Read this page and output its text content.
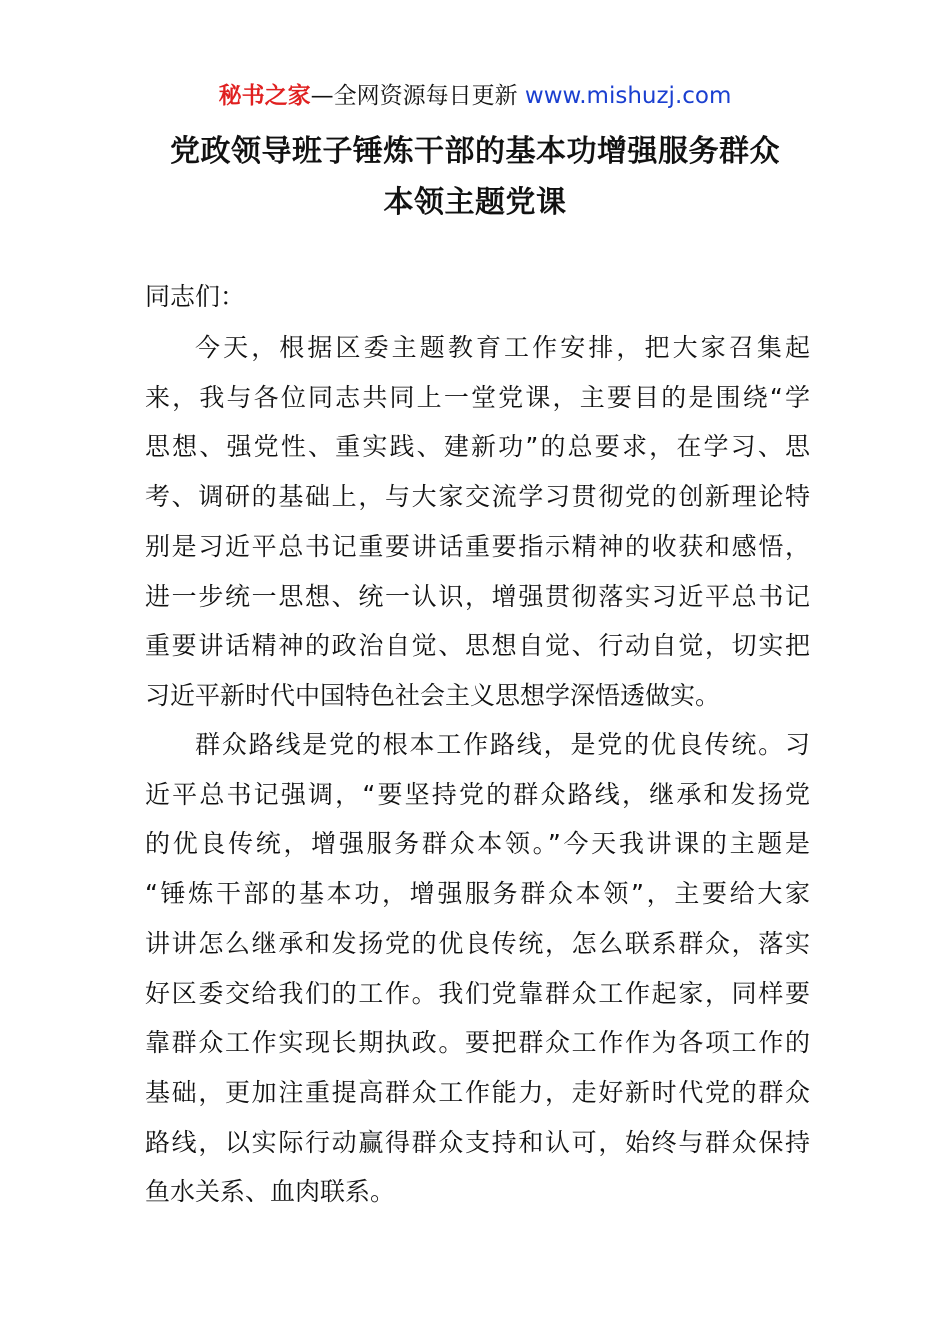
秘书之家—全网资源每日更新 www.mishuzj.com
党政领导班子锤炼干部的基本功增强服务群众
本领主题党课
同志们：
今天，根据区委主题教育工作安排，把大家召集起
来，我与各位同志共同上一堂党课，主要目的是围绕“学
思想、强党性、重实践、建新功”的总要求，在学习、思
考、调研的基础上，与大家交流学习贯彻党的创新理论特
别是习近平总书记重要讲话重要指示精神的收获和感悟，
进一步统一思想、统一认识，增强贯彻落实习近平总书记
重要讲话精神的政治自觉、思想自觉、行动自觉，切实把
习近平新时代中国特色社会主义思想学深悟透做实。
群众路线是党的根本工作路线，是党的优良传统。习
近平总书记强调，“要坚持党的群众路线，继承和发扬党
的优良传统，增强服务群众本领。”今天我讲课的主题是
“锤炼干部的基本功，增强服务群众本领”，主要给大家
讲讲怎么继承和发扬党的优良传统，怎么联系群众，落实
好区委交给我们的工作。我们党靠群众工作起家，同样要
靠群众工作实现长期执政。要把群众工作作为各项工作的
基础，更加注重提高群众工作能力，走好新时代党的群众
路线，以实际行动赢得群众支持和认可，始终与群众保持
鱼水关系、血肉联系。
